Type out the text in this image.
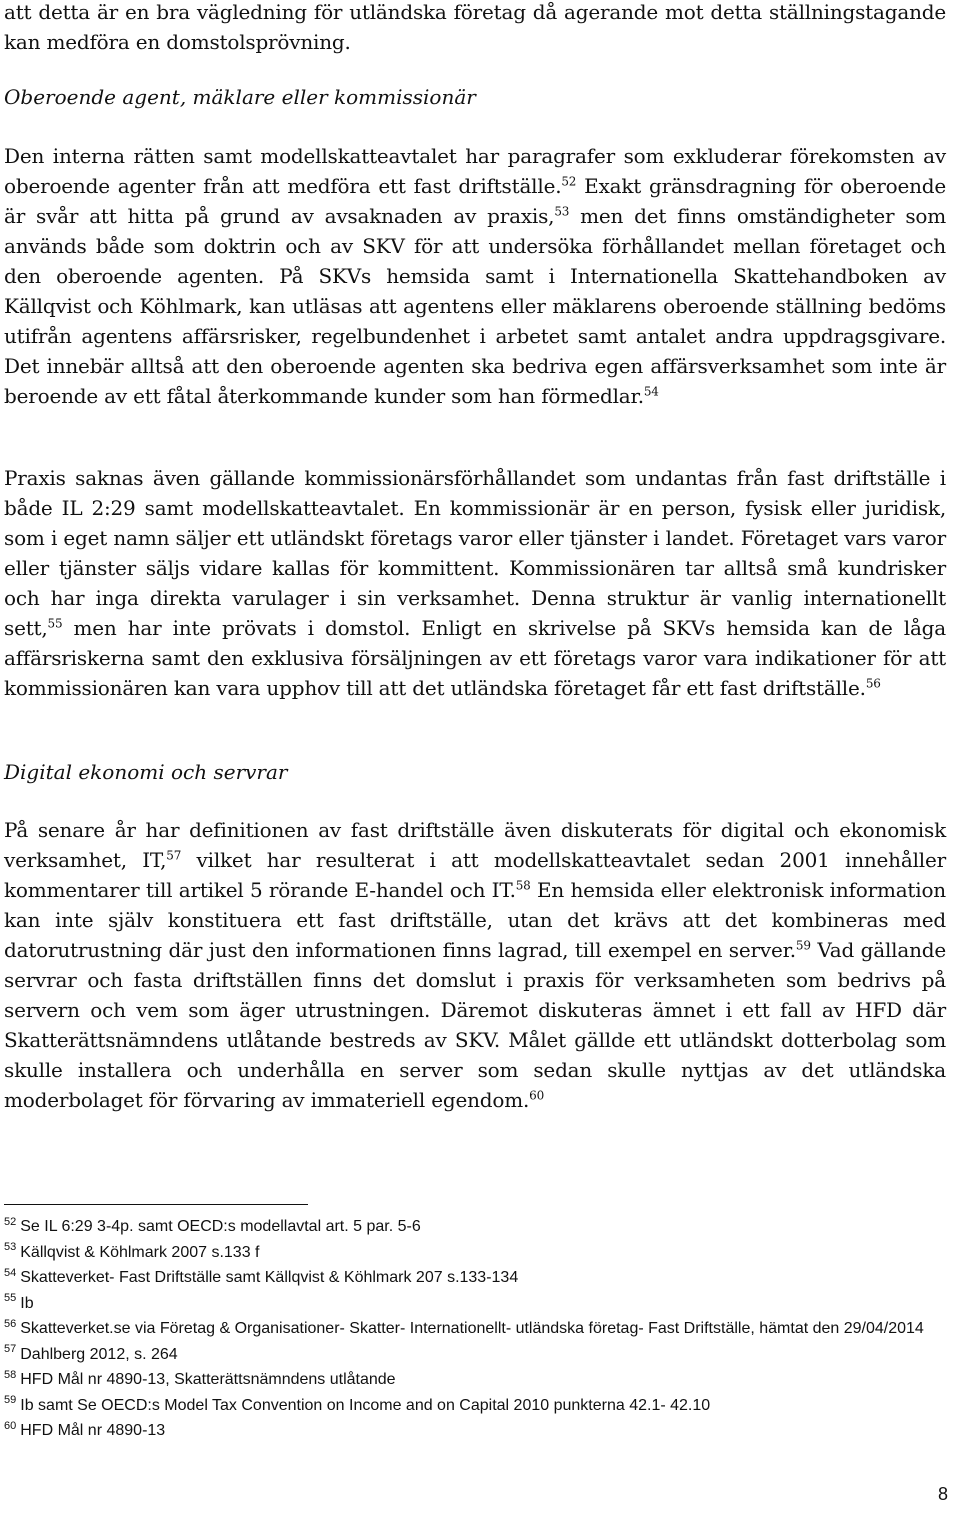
att detta är en bra vägledning för utländska företag då agerande mot detta ställningstagande kan medföra en domstolsprövning.

Oberoende agent, mäklare eller kommissionär

Den interna rätten samt modellskatteavtalet har paragrafer som exkluderar förekomsten av oberoende agenter från att medföra ett fast driftställe.$^{52}$ Exakt gränsdragning för oberoende är svår att hitta på grund av avsaknaden av praxis,$^{53}$ men det finns omständigheter som används både som doktrin och av SKV för att undersöka förhållandet mellan företaget och den oberoende agenten. På SKVs hemsida samt i Internationella Skattehandboken av Källqvist och Köhlmark, kan utläsas att agentens eller mäklarens oberoende ställning bedöms utifrån agentens affärsrisker, regelbundenhet i arbetet samt antalet andra uppdragsgivare. Det innebär alltså att den oberoende agenten ska bedriva egen affärsverksamhet som inte är beroende av ett fåtal återkommande kunder som han förmedlar.$^{54}$

Praxis saknas även gällande kommissionärsförhållandet som undantas från fast driftställe i både IL 2:29 samt modellskatteavtalet. En kommissionär är en person, fysisk eller juridisk, som i eget namn säljer ett utländskt företags varor eller tjänster i landet. Företaget vars varor eller tjänster säljs vidare kallas för kommittent. Kommissionären tar alltså små kundrisker och har inga direkta varulager i sin verksamhet. Denna struktur är vanlig internationellt sett,$^{55}$ men har inte prövats i domstol. Enligt en skrivelse på SKVs hemsida kan de låga affärsriskerna samt den exklusiva försäljningen av ett företags varor vara indikationer för att kommissionären kan vara upphov till att det utländska företaget får ett fast driftställe.$^{56}$

Digital ekonomi och servrar

På senare år har definitionen av fast driftställe även diskuterats för digital och ekonomisk verksamhet, IT,$^{57}$ vilket har resulterat i att modellskatteavtalet sedan 2001 innehåller kommentarer till artikel 5 rörande E-handel och IT.$^{58}$ En hemsida eller elektronisk information kan inte själv konstituera ett fast driftställe, utan det krävs att det kombineras med datorutrustning där just den informationen finns lagrad, till exempel en server.$^{59}$ Vad gällande servrar och fasta driftställen finns det domslut i praxis för verksamheten som bedrivs på servern och vem som äger utrustningen. Däremot diskuteras ämnet i ett fall av HFD där Skatterättsnämndens utlåtande bestreds av SKV. Målet gällde ett utländskt dotterbolag som skulle installera och underhålla en server som sedan skulle nyttjas av det utländska moderbolaget för förvaring av immateriell egendom.$^{60}$

$^{52}$ Se IL 6:29 3-4p. samt OECD:s modellavtal art. 5 par. 5-6

$^{53}$ Källqvist & Köhlmark 2007 s.133 f

$^{54}$ Skatteverket- Fast Driftställe samt Källqvist & Köhlmark 207 s.133-134

$^{55}$ Ib

$^{56}$ Skatteverket.se via Företag & Organisationer- Skatter- Internationellt- utländska företag- Fast Driftställe, hämtat den 29/04/2014

$^{57}$ Dahlberg 2012, s. 264

$^{58}$ HFD Mål nr 4890-13, Skatterättsnämndens utlåtande

$^{59}$ Ib samt Se OECD:s Model Tax Convention on Income and on Capital 2010 punkterna 42.1- 42.10

$^{60}$ HFD Mål nr 4890-13

8
